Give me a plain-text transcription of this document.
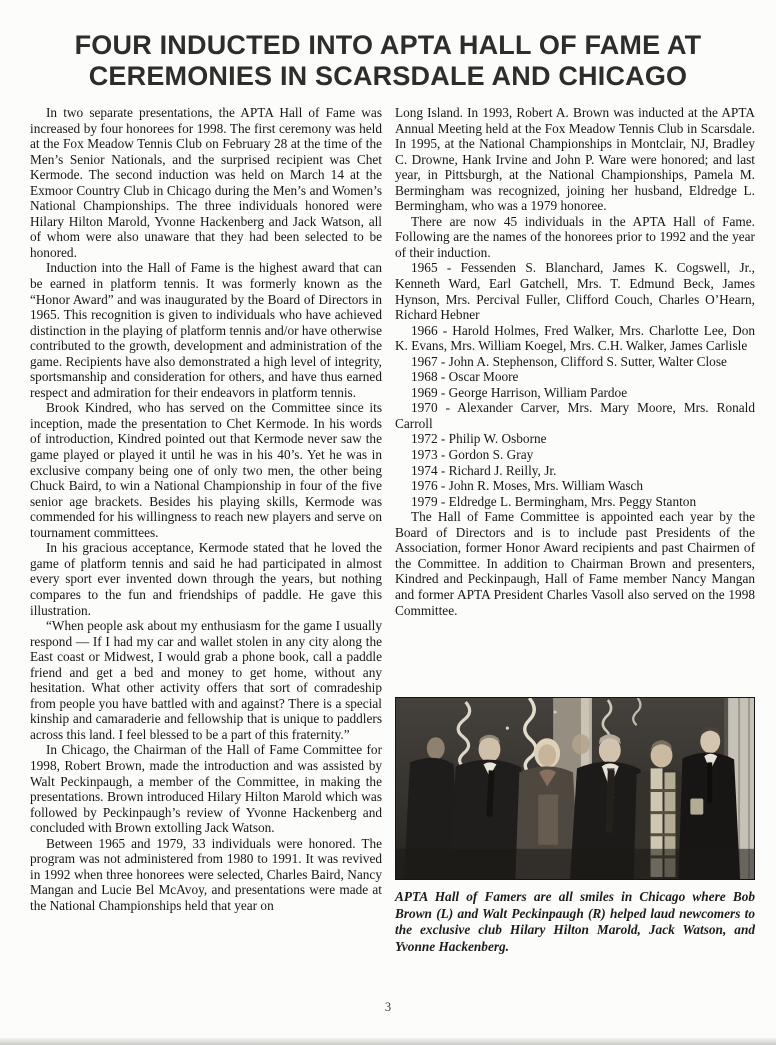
FOUR INDUCTED INTO APTA HALL OF FAME AT
CEREMONIES IN SCARSDALE AND CHICAGO

In two separate presentations, the APTA Hall of Fame was increased by four honorees for 1998. The first ceremony was held at the Fox Meadow Tennis Club on February 28 at the time of the Men’s Senior Nationals, and the surprised recipient was Chet Kermode. The second induction was held on March 14 at the Exmoor Country Club in Chicago during the Men’s and Women’s National Championships. The three individuals honored were Hilary Hilton Marold, Yvonne Hackenberg and Jack Watson, all of whom were also unaware that they had been selected to be honored.

Induction into the Hall of Fame is the highest award that can be earned in platform tennis. It was formerly known as the “Honor Award” and was inaugurated by the Board of Directors in 1965. This recognition is given to individuals who have achieved distinction in the playing of platform tennis and/or have otherwise contributed to the growth, development and administration of the game. Recipients have also demonstrated a high level of integrity, sportsmanship and consideration for others, and have thus earned respect and admiration for their endeavors in platform tennis.

Brook Kindred, who has served on the Committee since its inception, made the presentation to Chet Kermode. In his words of introduction, Kindred pointed out that Kermode never saw the game played or played it until he was in his 40’s. Yet he was in exclusive company being one of only two men, the other being Chuck Baird, to win a National Championship in four of the five senior age brackets. Besides his playing skills, Kermode was commended for his willingness to reach new players and serve on tournament committees.

In his gracious acceptance, Kermode stated that he loved the game of platform tennis and said he had participated in almost every sport ever invented down through the years, but nothing compares to the fun and friendships of paddle. He gave this illustration.

“When people ask about my enthusiasm for the game I usually respond — If I had my car and wallet stolen in any city along the East coast or Midwest, I would grab a phone book, call a paddle friend and get a bed and money to get home, without any hesitation. What other activity offers that sort of comradeship from people you have battled with and against? There is a special kinship and camaraderie and fellowship that is unique to paddlers across this land. I feel blessed to be a part of this fraternity.”

In Chicago, the Chairman of the Hall of Fame Committee for 1998, Robert Brown, made the introduction and was assisted by Walt Peckinpaugh, a member of the Committee, in making the presentations. Brown introduced Hilary Hilton Marold which was followed by Peckinpaugh’s review of Yvonne Hackenberg and concluded with Brown extolling Jack Watson.

Between 1965 and 1979, 33 individuals were honored. The program was not administered from 1980 to 1991. It was revived in 1992 when three honorees were selected, Charles Baird, Nancy Mangan and Lucie Bel McAvoy, and presentations were made at the National Championships held that year on

Long Island. In 1993, Robert A. Brown was inducted at the APTA Annual Meeting held at the Fox Meadow Tennis Club in Scarsdale. In 1995, at the National Championships in Montclair, NJ, Bradley C. Drowne, Hank Irvine and John P. Ware were honored; and last year, in Pittsburgh, at the National Championships, Pamela M. Bermingham was recognized, joining her husband, Eldredge L. Bermingham, who was a 1979 honoree.

There are now 45 individuals in the APTA Hall of Fame. Following are the names of the honorees prior to 1992 and the year of their induction.

1965 - Fessenden S. Blanchard, James K. Cogswell, Jr., Kenneth Ward, Earl Gatchell, Mrs. T. Edmund Beck, James Hynson, Mrs. Percival Fuller, Clifford Couch, Charles O’Hearn, Richard Hebner

1966 - Harold Holmes, Fred Walker, Mrs. Charlotte Lee, Don K. Evans, Mrs. William Koegel, Mrs. C.H. Walker, James Carlisle

1967 - John A. Stephenson, Clifford S. Sutter, Walter Close

1968 - Oscar Moore

1969 - George Harrison, William Pardoe

1970 - Alexander Carver, Mrs. Mary Moore, Mrs. Ronald Carroll

1972 - Philip W. Osborne

1973 - Gordon S. Gray

1974 - Richard J. Reilly, Jr.

1976 - John R. Moses, Mrs. William Wasch

1979 - Eldredge L. Bermingham, Mrs. Peggy Stanton

The Hall of Fame Committee is appointed each year by the Board of Directors and is to include past Presidents of the Association, former Honor Award recipients and past Chairmen of the Committee. In addition to Chairman Brown and presenters, Kindred and Peckinpaugh, Hall of Fame member Nancy Mangan and former APTA President Charles Vasoll also served on the 1998 Committee.

APTA Hall of Famers are all smiles in Chicago where Bob Brown (L) and Walt Peckinpaugh (R) helped laud newcomers to the exclusive club Hilary Hilton Marold, Jack Watson, and Yvonne Hackenberg.
3
